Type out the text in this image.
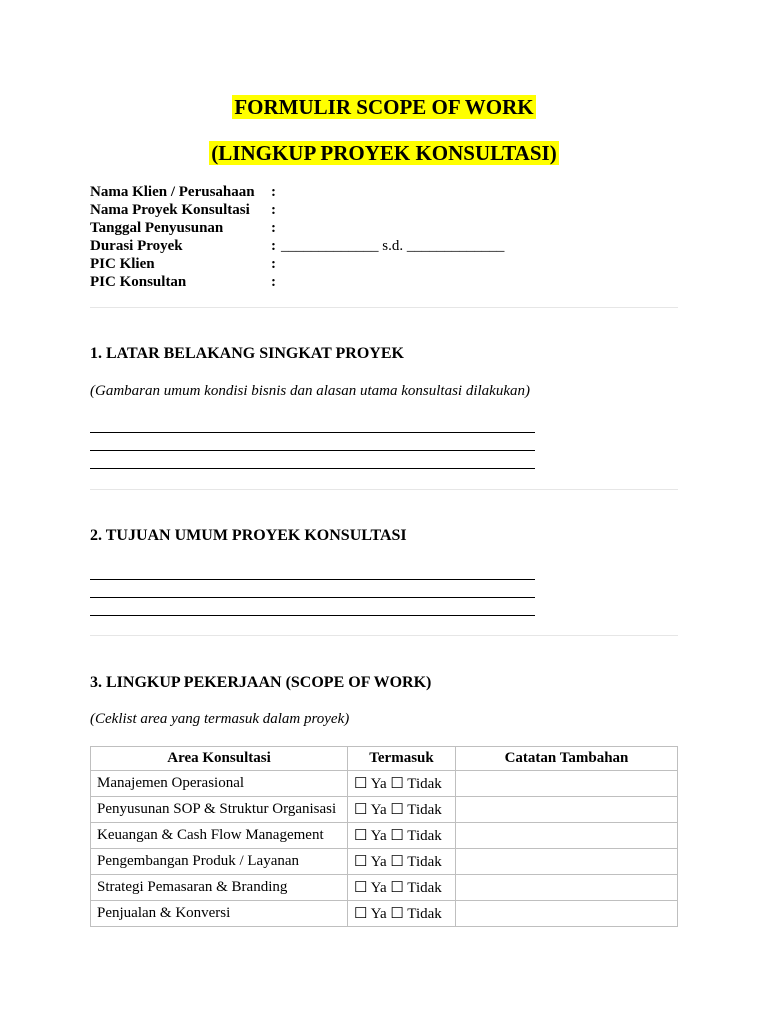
FORMULIR SCOPE OF WORK
(LINGKUP PROYEK KONSULTASI)
Nama Klien / Perusahaan	:
Nama Proyek Konsultasi	:
Tanggal Penyusunan	:
Durasi Proyek	: _____________ s.d. _____________
PIC Klien	:
PIC Konsultan	:
1. LATAR BELAKANG SINGKAT PROYEK
(Gambaran umum kondisi bisnis dan alasan utama konsultasi dilakukan)
2. TUJUAN UMUM PROYEK KONSULTASI
3. LINGKUP PEKERJAAN (SCOPE OF WORK)
(Ceklist area yang termasuk dalam proyek)
Area Konsultasi	Termasuk	Catatan Tambahan
Manajemen Operasional	☐ Ya ☐ Tidak	
Penyusunan SOP & Struktur Organisasi	☐ Ya ☐ Tidak	
Keuangan & Cash Flow Management	☐ Ya ☐ Tidak	
Pengembangan Produk / Layanan	☐ Ya ☐ Tidak	
Strategi Pemasaran & Branding	☐ Ya ☐ Tidak	
Penjualan & Konversi	☐ Ya ☐ Tidak	
